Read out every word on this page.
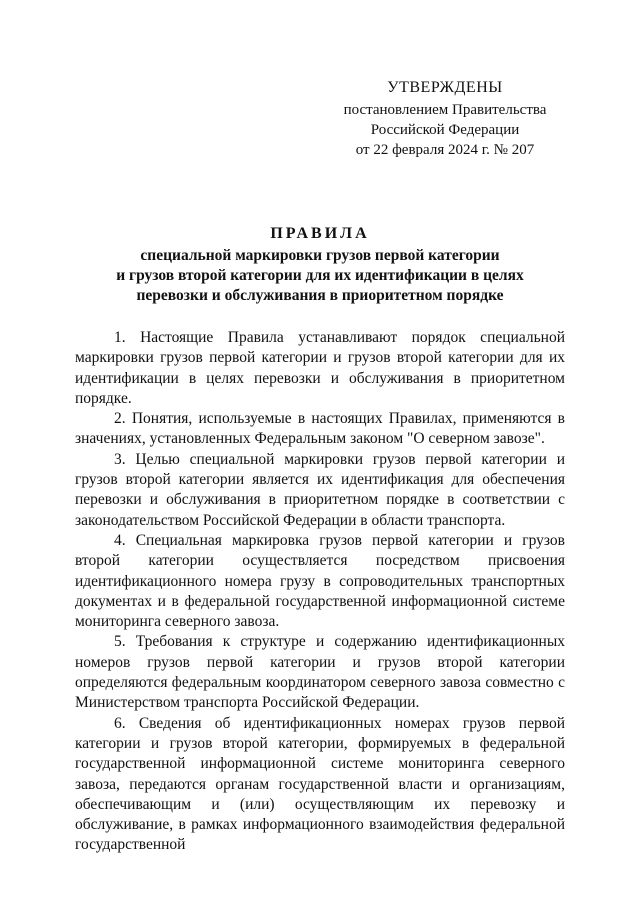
УТВЕРЖДЕНЫ
постановлением Правительства
Российской Федерации
от 22 февраля 2024 г. № 207
ПРАВИЛА
специальной маркировки грузов первой категории
и грузов второй категории для их идентификации в целях
перевозки и обслуживания в приоритетном порядке

1. Настоящие Правила устанавливают порядок специальной маркировки грузов первой категории и грузов второй категории для их идентификации в целях перевозки и обслуживания в приоритетном порядке.

2. Понятия, используемые в настоящих Правилах, применяются в значениях, установленных Федеральным законом "О северном завозе".

3. Целью специальной маркировки грузов первой категории и грузов второй категории является их идентификация для обеспечения перевозки и обслуживания в приоритетном порядке в соответствии с законодательством Российской Федерации в области транспорта.

4. Специальная маркировка грузов первой категории и грузов второй категории осуществляется посредством присвоения идентификационного номера грузу в сопроводительных транспортных документах и в федеральной государственной информационной системе мониторинга северного завоза.

5. Требования к структуре и содержанию идентификационных номеров грузов первой категории и грузов второй категории определяются федеральным координатором северного завоза совместно с Министерством транспорта Российской Федерации.

6. Сведения об идентификационных номерах грузов первой категории и грузов второй категории, формируемых в федеральной государственной информационной системе мониторинга северного завоза, передаются органам государственной власти и организациям, обеспечивающим и (или) осуществляющим их перевозку и обслуживание, в рамках информационного взаимодействия федеральной государственной
